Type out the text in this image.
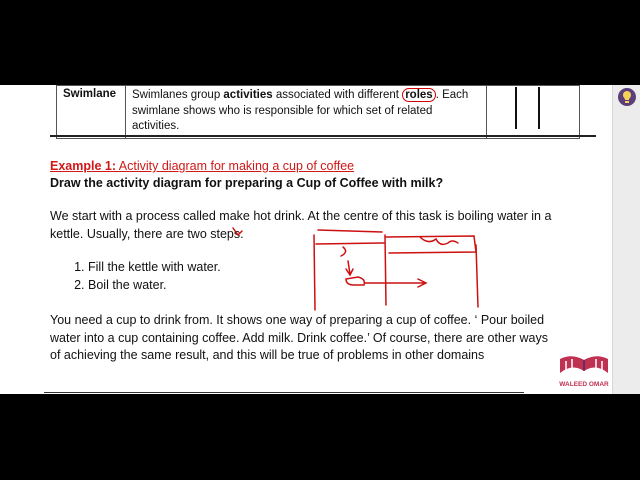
Swimlane	Swimlanes group activities associated with different roles . Each swimlane shows who is responsible for which set of related activities.	
Example 1: Activity diagram for making a cup of coffee
Draw the activity diagram for preparing a Cup of Coffee with milk?
We start with a process called make hot drink. At the centre of this task is boiling water in a kettle. Usually, there are two steps.
1. Fill the kettle with water.
2. Boil the water.
You need a cup to drink from. It shows one way of preparing a cup of coffee. ‘ Pour boiled water into a cup containing coffee. Add milk. Drink coffee.’ Of course, there are other ways of achieving the same result, and this will be true of problems in other domains
WALEED OMAR
